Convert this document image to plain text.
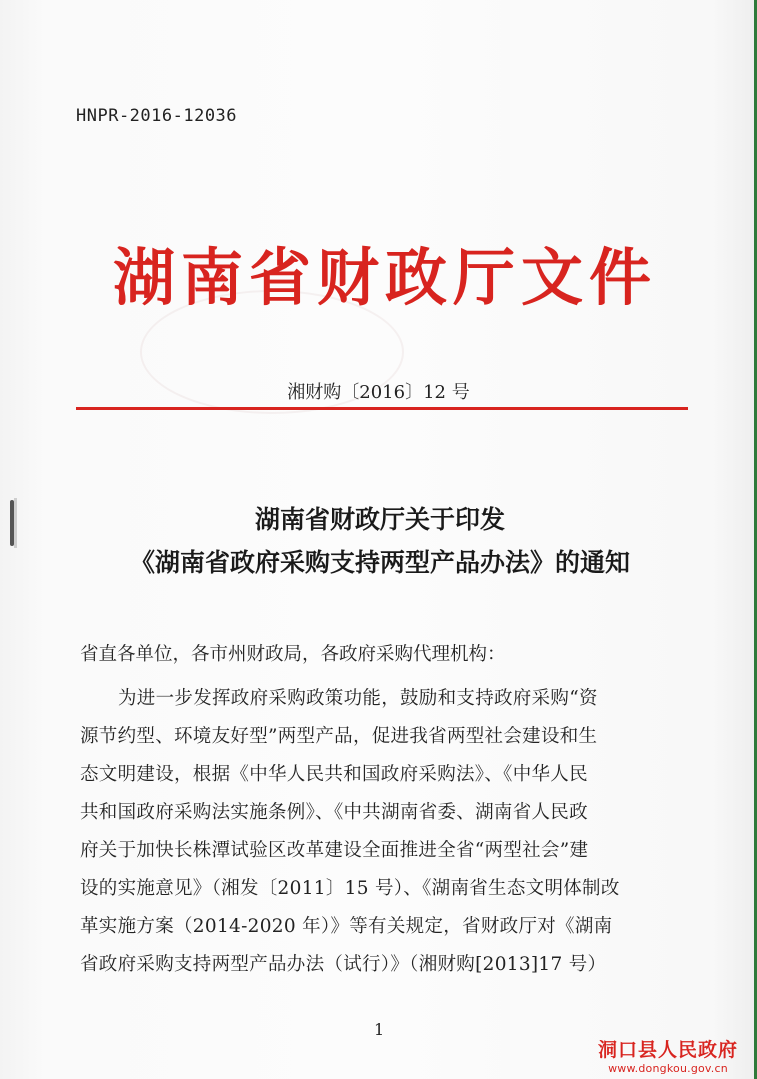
HNPR-2016-12036
湖南省财政厅文件
湘财购〔2016〕12 号
湖南省财政厅关于印发
《湖南省政府采购支持两型产品办法》的通知
省直各单位，各市州财政局，各政府采购代理机构：
为进一步发挥政府采购政策功能，鼓励和支持政府采购“资
源节约型、环境友好型”两型产品，促进我省两型社会建设和生
态文明建设，根据《中华人民共和国政府采购法》、《中华人民
共和国政府采购法实施条例》、《中共湖南省委、湖南省人民政
府关于加快长株潭试验区改革建设全面推进全省“两型社会”建
设的实施意见》（湘发〔2011〕15 号）、《湖南省生态文明体制改
革实施方案（2014-2020 年）》等有关规定，省财政厅对《湖南
省政府采购支持两型产品办法（试行）》（湘财购[2013]17 号）
1
洞口县人民政府
www.dongkou.gov.cn
